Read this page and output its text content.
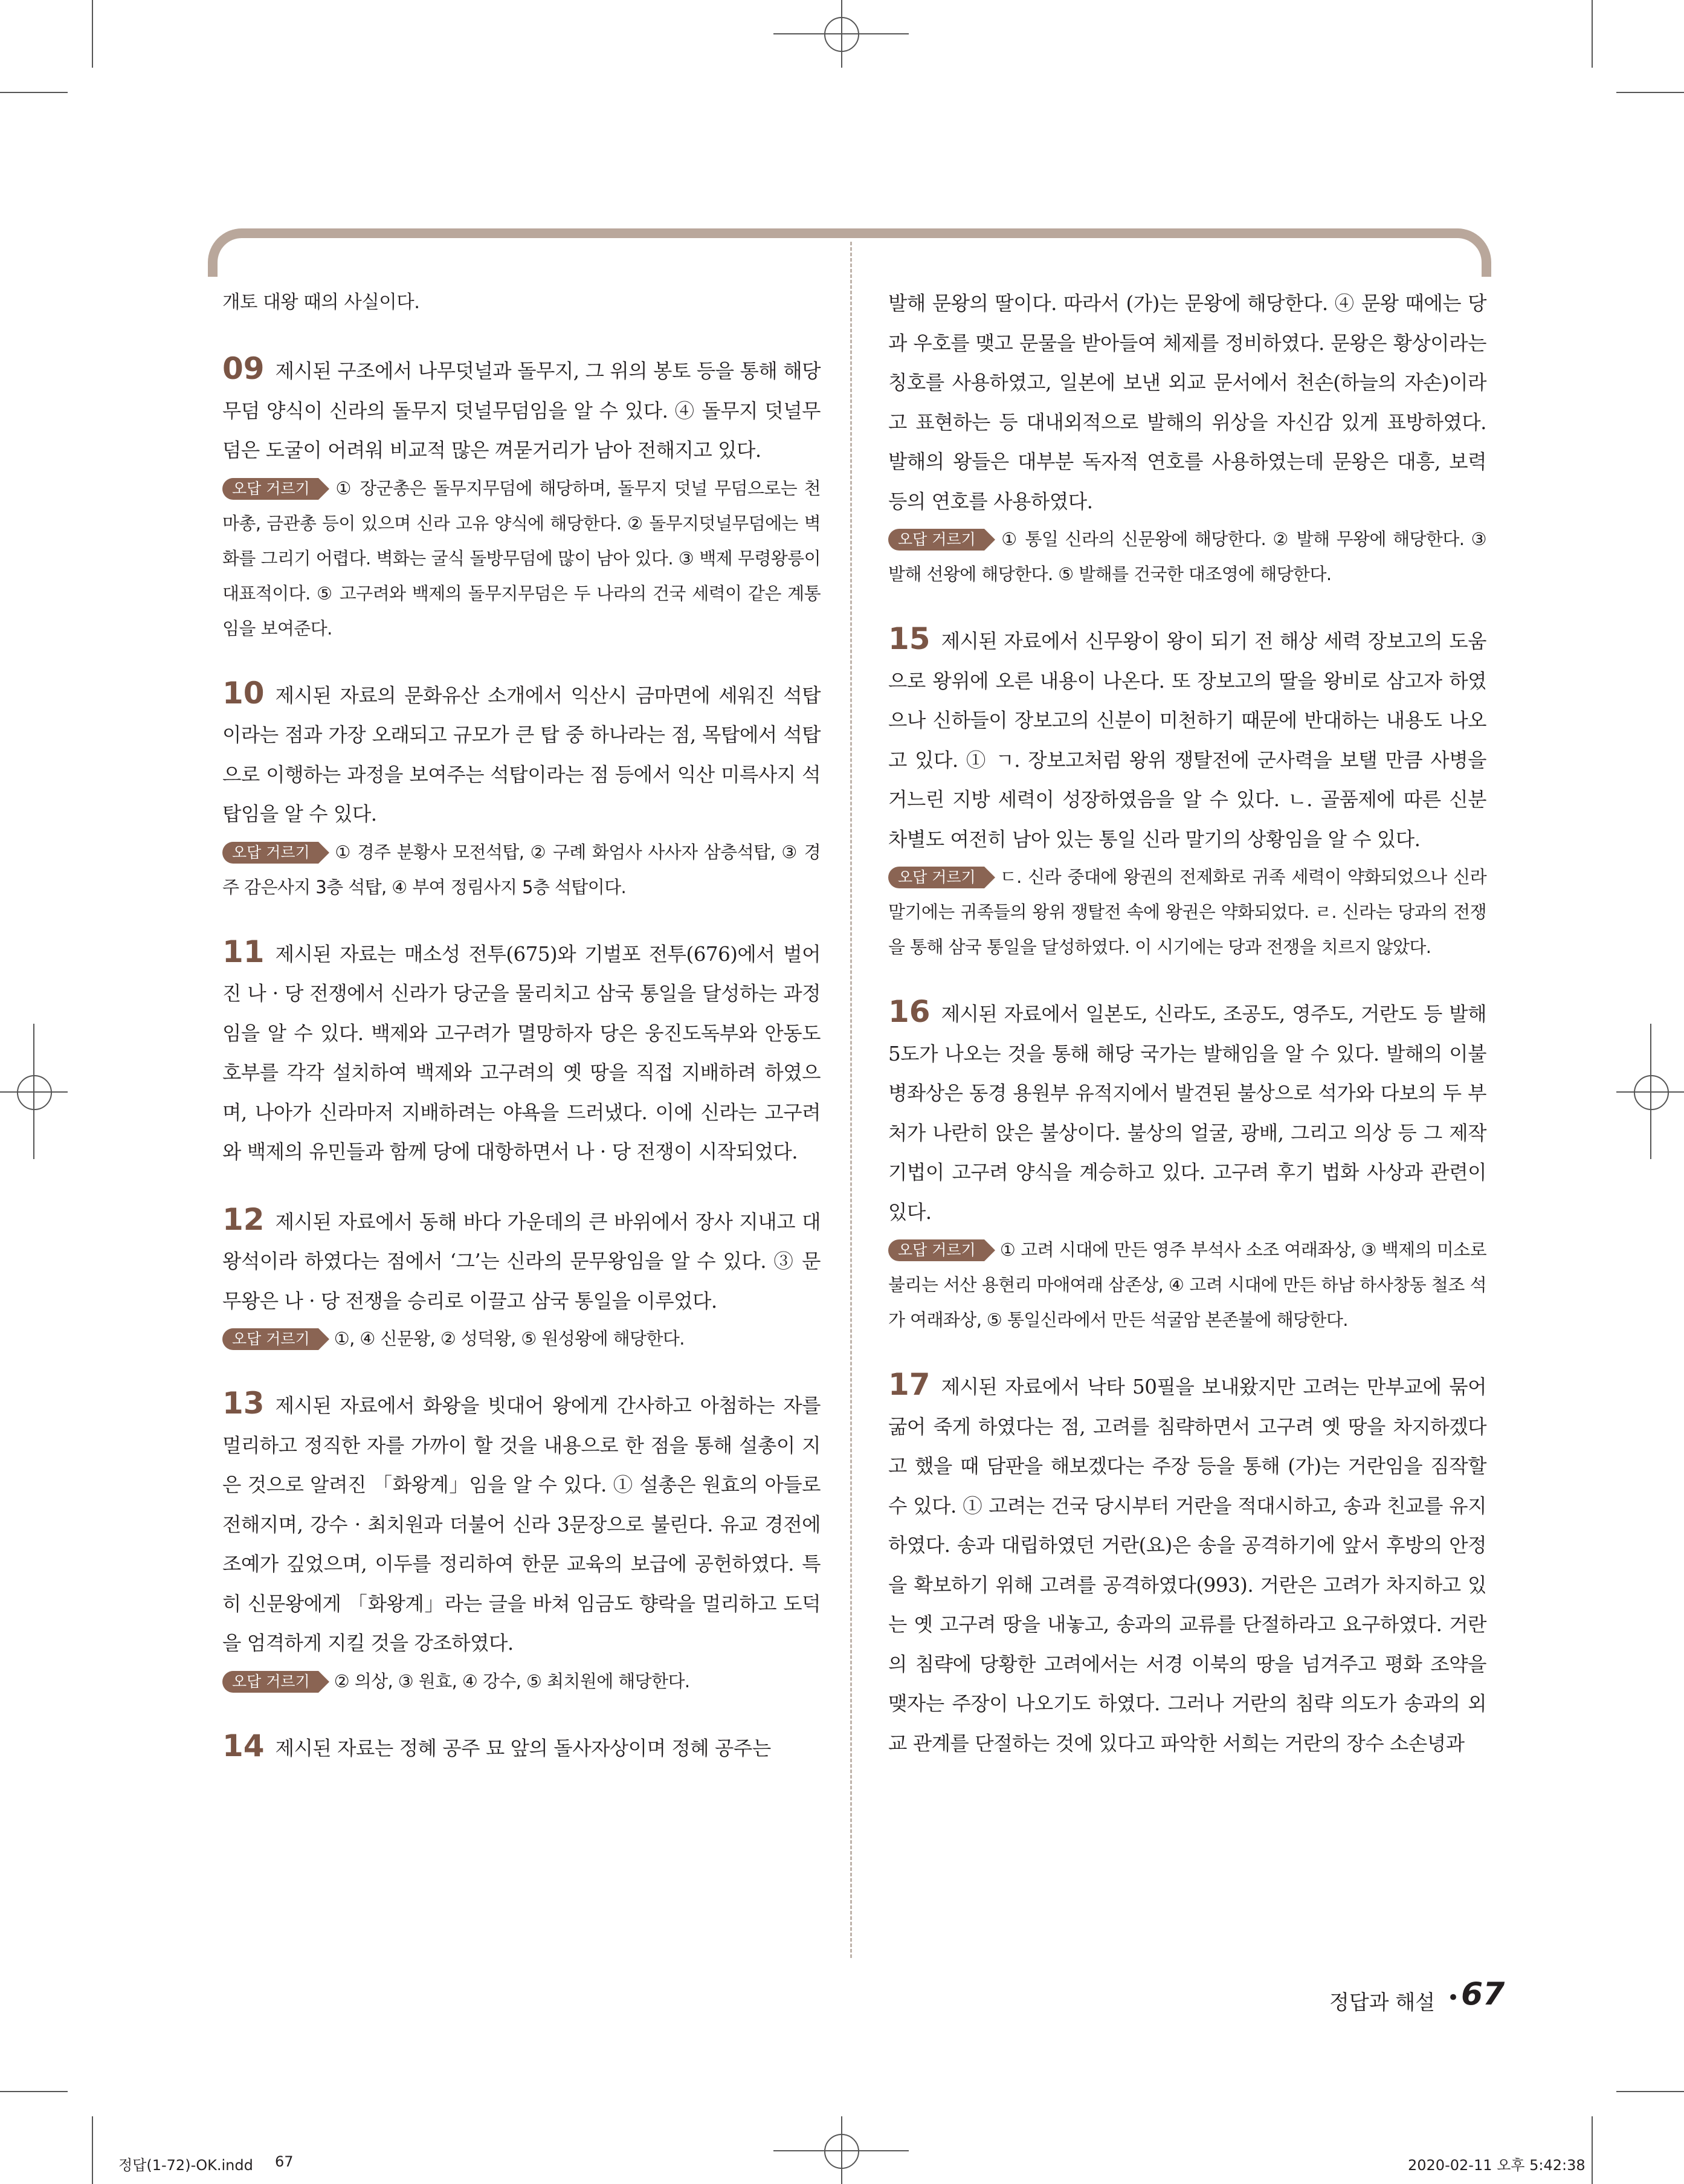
개토 대왕 때의 사실이다.

09 제시된 구조에서 나무덧널과 돌무지, 그 위의 봉토 등을 통해 해당 무덤 양식이 신라의 돌무지 덧널무덤임을 알 수 있다. ④ 돌무지 덧널무덤은 도굴이 어려워 비교적 많은 껴묻거리가 남아 전해지고 있다.

오답 거르기 ① 장군총은 돌무지무덤에 해당하며, 돌무지 덧널 무덤으로는 천마총, 금관총 등이 있으며 신라 고유 양식에 해당한다. ② 돌무지덧널무덤에는 벽화를 그리기 어렵다. 벽화는 굴식 돌방무덤에 많이 남아 있다. ③ 백제 무령왕릉이 대표적이다. ⑤ 고구려와 백제의 돌무지무덤은 두 나라의 건국 세력이 같은 계통임을 보여준다.

10 제시된 자료의 문화유산 소개에서 익산시 금마면에 세워진 석탑이라는 점과 가장 오래되고 규모가 큰 탑 중 하나라는 점, 목탑에서 석탑으로 이행하는 과정을 보여주는 석탑이라는 점 등에서 익산 미륵사지 석탑임을 알 수 있다.

오답 거르기 ① 경주 분황사 모전석탑, ② 구례 화엄사 사사자 삼층석탑, ③ 경주 감은사지 3층 석탑, ④ 부여 정림사지 5층 석탑이다.

11 제시된 자료는 매소성 전투(675)와 기벌포 전투(676)에서 벌어진 나 · 당 전쟁에서 신라가 당군을 물리치고 삼국 통일을 달성하는 과정임을 알 수 있다. 백제와 고구려가 멸망하자 당은 웅진도독부와 안동도호부를 각각 설치하여 백제와 고구려의 옛 땅을 직접 지배하려 하였으며, 나아가 신라마저 지배하려는 야욕을 드러냈다. 이에 신라는 고구려와 백제의 유민들과 함께 당에 대항하면서 나 · 당 전쟁이 시작되었다.

12 제시된 자료에서 동해 바다 가운데의 큰 바위에서 장사 지내고 대왕석이라 하였다는 점에서 ‘그’는 신라의 문무왕임을 알 수 있다. ③ 문무왕은 나 · 당 전쟁을 승리로 이끌고 삼국 통일을 이루었다.

오답 거르기 ①, ④ 신문왕, ② 성덕왕, ⑤ 원성왕에 해당한다.

13 제시된 자료에서 화왕을 빗대어 왕에게 간사하고 아첨하는 자를 멀리하고 정직한 자를 가까이 할 것을 내용으로 한 점을 통해 설총이 지은 것으로 알려진 「화왕계」임을 알 수 있다. ① 설총은 원효의 아들로 전해지며, 강수 · 최치원과 더불어 신라 3문장으로 불린다. 유교 경전에 조예가 깊었으며, 이두를 정리하여 한문 교육의 보급에 공헌하였다. 특히 신문왕에게 「화왕계」라는 글을 바쳐 임금도 향락을 멀리하고 도덕을 엄격하게 지킬 것을 강조하였다.

오답 거르기 ② 의상, ③ 원효, ④ 강수, ⑤ 최치원에 해당한다.

14 제시된 자료는 정혜 공주 묘 앞의 돌사자상이며 정혜 공주는

발해 문왕의 딸이다. 따라서 (가)는 문왕에 해당한다. ④ 문왕 때에는 당과 우호를 맺고 문물을 받아들여 체제를 정비하였다. 문왕은 황상이라는 칭호를 사용하였고, 일본에 보낸 외교 문서에서 천손(하늘의 자손)이라고 표현하는 등 대내외적으로 발해의 위상을 자신감 있게 표방하였다. 발해의 왕들은 대부분 독자적 연호를 사용하였는데 문왕은 대흥, 보력 등의 연호를 사용하였다.

오답 거르기 ① 통일 신라의 신문왕에 해당한다. ② 발해 무왕에 해당한다. ③ 발해 선왕에 해당한다. ⑤ 발해를 건국한 대조영에 해당한다.

15 제시된 자료에서 신무왕이 왕이 되기 전 해상 세력 장보고의 도움으로 왕위에 오른 내용이 나온다. 또 장보고의 딸을 왕비로 삼고자 하였으나 신하들이 장보고의 신분이 미천하기 때문에 반대하는 내용도 나오고 있다. ① ㄱ. 장보고처럼 왕위 쟁탈전에 군사력을 보탤 만큼 사병을 거느린 지방 세력이 성장하였음을 알 수 있다. ㄴ. 골품제에 따른 신분 차별도 여전히 남아 있는 통일 신라 말기의 상황임을 알 수 있다.

오답 거르기 ㄷ. 신라 중대에 왕권의 전제화로 귀족 세력이 약화되었으나 신라 말기에는 귀족들의 왕위 쟁탈전 속에 왕권은 약화되었다. ㄹ. 신라는 당과의 전쟁을 통해 삼국 통일을 달성하였다. 이 시기에는 당과 전쟁을 치르지 않았다.

16 제시된 자료에서 일본도, 신라도, 조공도, 영주도, 거란도 등 발해 5도가 나오는 것을 통해 해당 국가는 발해임을 알 수 있다. 발해의 이불병좌상은 동경 용원부 유적지에서 발견된 불상으로 석가와 다보의 두 부처가 나란히 앉은 불상이다. 불상의 얼굴, 광배, 그리고 의상 등 그 제작 기법이 고구려 양식을 계승하고 있다. 고구려 후기 법화 사상과 관련이 있다.

오답 거르기 ① 고려 시대에 만든 영주 부석사 소조 여래좌상, ③ 백제의 미소로 불리는 서산 용현리 마애여래 삼존상, ④ 고려 시대에 만든 하남 하사창동 철조 석가 여래좌상, ⑤ 통일신라에서 만든 석굴암 본존불에 해당한다.

17 제시된 자료에서 낙타 50필을 보내왔지만 고려는 만부교에 묶어 굶어 죽게 하였다는 점, 고려를 침략하면서 고구려 옛 땅을 차지하겠다고 했을 때 담판을 해보겠다는 주장 등을 통해 (가)는 거란임을 짐작할 수 있다. ① 고려는 건국 당시부터 거란을 적대시하고, 송과 친교를 유지하였다. 송과 대립하였던 거란(요)은 송을 공격하기에 앞서 후방의 안정을 확보하기 위해 고려를 공격하였다(993). 거란은 고려가 차지하고 있는 옛 고구려 땅을 내놓고, 송과의 교류를 단절하라고 요구하였다. 거란의 침략에 당황한 고려에서는 서경 이북의 땅을 넘겨주고 평화 조약을 맺자는 주장이 나오기도 하였다. 그러나 거란의 침략 의도가 송과의 외교 관계를 단절하는 것에 있다고 파악한 서희는 거란의 장수 소손녕과

정답과 해설 • 67
정답(1-72)-OK.indd 67	2020-02-11 오후 5:42:38
